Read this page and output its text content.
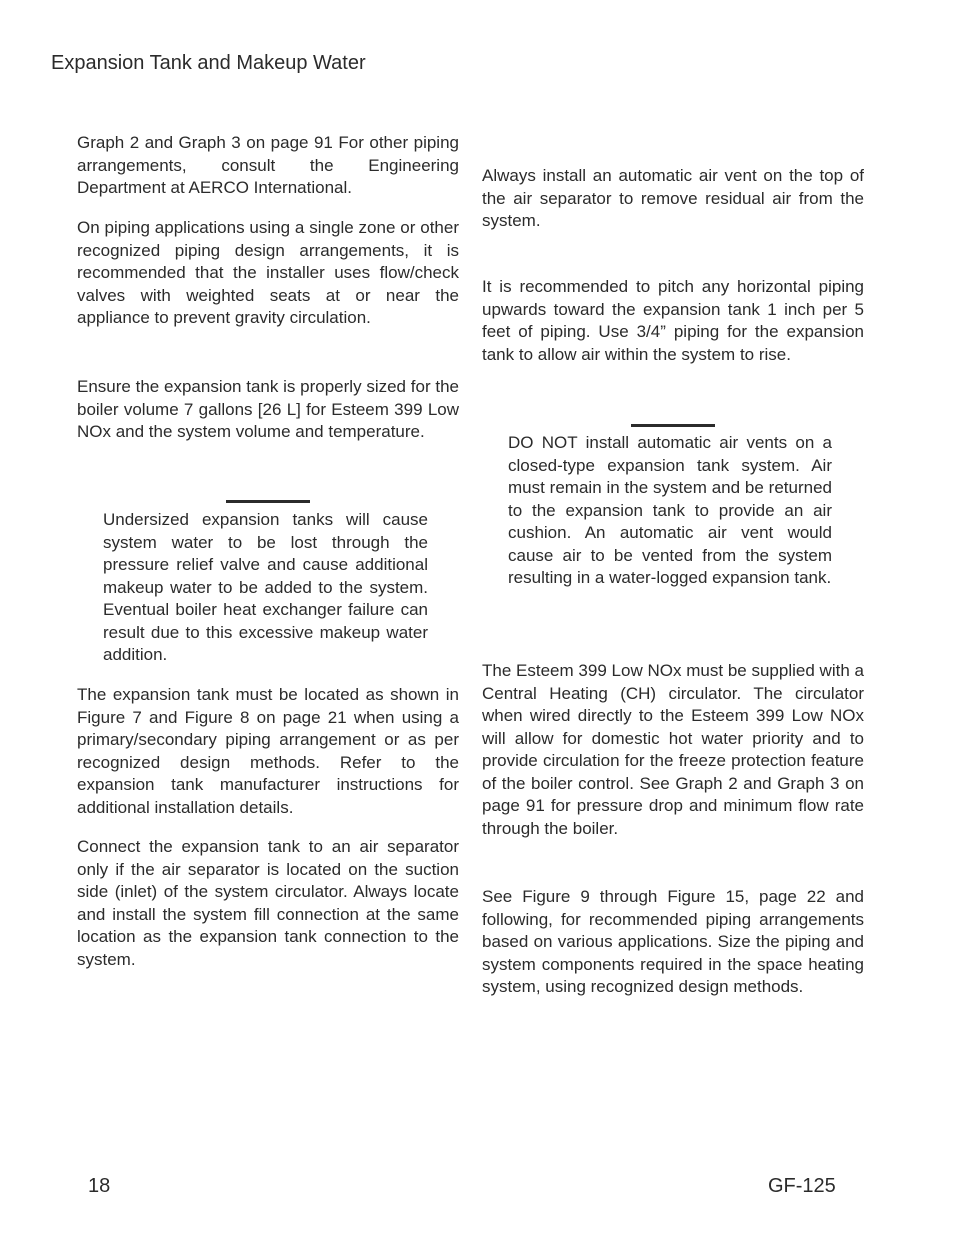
Expansion Tank and Makeup Water

Graph 2 and Graph 3 on page 91 For other piping arrangements, consult the Engineering Department at AERCO International.

On piping applications using a single zone or other recognized piping design arrangements, it is recommended that the installer uses flow/check valves with weighted seats at or near the appliance to prevent gravity circulation.

Ensure the expansion tank is properly sized for the boiler volume 7 gallons [26 L] for Esteem 399 Low NOx and the system volume and temperature.

Undersized expansion tanks will cause system water to be lost through the pressure relief valve and cause additional makeup water to be added to the system. Eventual boiler heat exchanger failure can result due to this excessive makeup water addition.

The expansion tank must be located as shown in Figure 7 and Figure 8 on page 21 when using a primary/secondary piping arrangement or as per recognized design methods. Refer to the expansion tank manufacturer instructions for additional installation details.

Connect the expansion tank to an air separator only if the air separator is located on the suction side (inlet) of the system circulator. Always locate and install the system fill connection at the same location as the expansion tank connection to the system.

Always install an automatic air vent on the top of the air separator to remove residual air from the system.

It is recommended to pitch any horizontal piping upwards toward the expansion tank 1 inch per 5 feet of piping. Use 3/4” piping for the expansion tank to allow air within the system to rise.

DO NOT install automatic air vents on a closed-type expansion tank system. Air must remain in the system and be returned to the expansion tank to provide an air cushion. An automatic air vent would cause air to be vented from the system resulting in a water-logged expansion tank.

The Esteem 399 Low NOx must be supplied with a Central Heating (CH) circulator. The circulator when wired directly to the Esteem 399 Low NOx will allow for domestic hot water priority and to provide circulation for the freeze protection feature of the boiler control. See Graph 2 and Graph 3 on page 91 for pressure drop and minimum flow rate through the boiler.

See Figure 9 through Figure 15, page 22 and following, for recommended piping arrangements based on various applications. Size the piping and system components required in the space heating system, using recognized design methods.

18	GF-125
